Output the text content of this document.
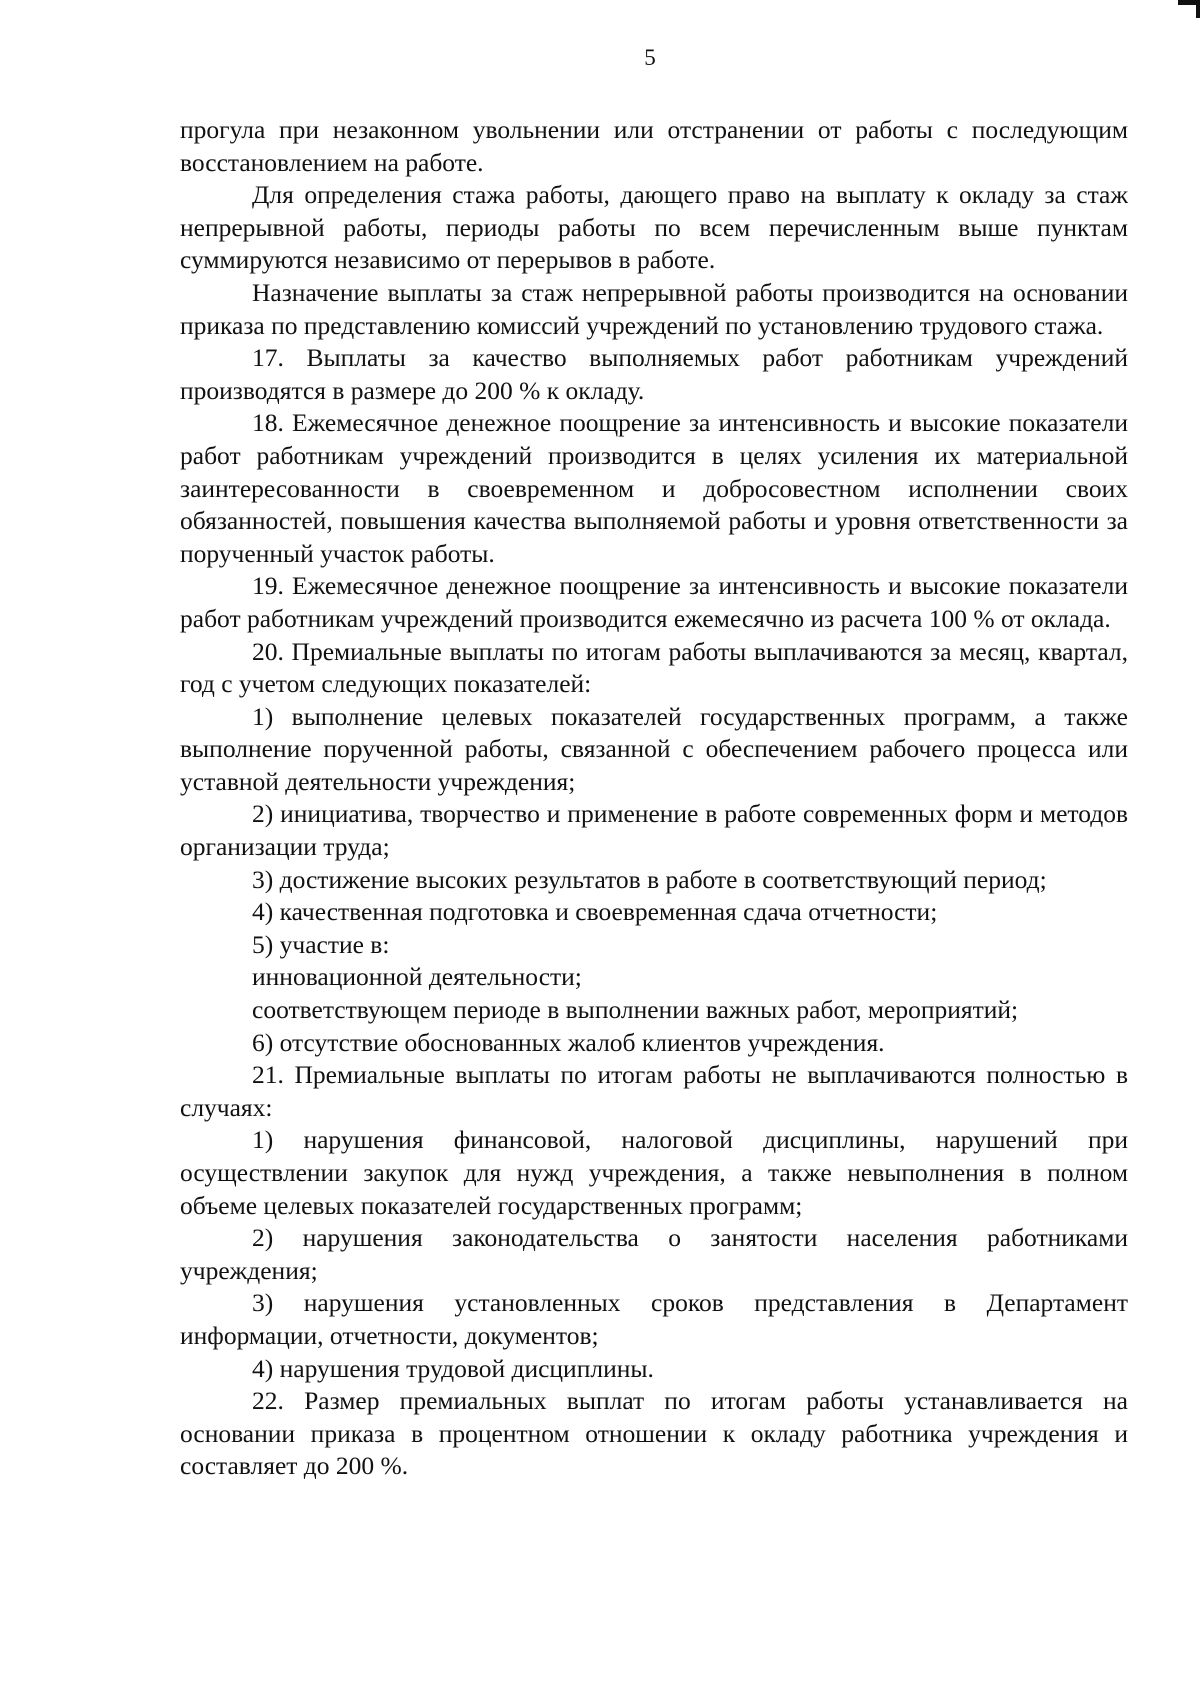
5

прогула при незаконном увольнении или отстранении от работы с последующим восстановлением на работе.

Для определения стажа работы, дающего право на выплату к окладу за стаж непрерывной работы, периоды работы по всем перечисленным выше пунктам суммируются независимо от перерывов в работе.

Назначение выплаты за стаж непрерывной работы производится на основании приказа по представлению комиссий учреждений по установлению трудового стажа.

17. Выплаты за качество выполняемых работ работникам учреждений производятся в размере до 200 % к окладу.

18. Ежемесячное денежное поощрение за интенсивность и высокие показатели работ работникам учреждений производится в целях усиления их материальной заинтересованности в своевременном и добросовестном исполнении своих обязанностей, повышения качества выполняемой работы и уровня ответственности за порученный участок работы.

19. Ежемесячное денежное поощрение за интенсивность и высокие показатели работ работникам учреждений производится ежемесячно из расчета 100 % от оклада.

20. Премиальные выплаты по итогам работы выплачиваются за месяц, квартал, год с учетом следующих показателей:

1) выполнение целевых показателей государственных программ, а также выполнение порученной работы, связанной с обеспечением рабочего процесса или уставной деятельности учреждения;

2) инициатива, творчество и применение в работе современных форм и методов организации труда;

3) достижение высоких результатов в работе в соответствующий период;

4) качественная подготовка и своевременная сдача отчетности;

5) участие в:

инновационной деятельности;

соответствующем периоде в выполнении важных работ, мероприятий;

6) отсутствие обоснованных жалоб клиентов учреждения.

21. Премиальные выплаты по итогам работы не выплачиваются полностью в случаях:

1) нарушения финансовой, налоговой дисциплины, нарушений при осуществлении закупок для нужд учреждения, а также невыполнения в полном объеме целевых показателей государственных программ;

2) нарушения законодательства о занятости населения работниками учреждения;

3) нарушения установленных сроков представления в Департамент информации, отчетности, документов;

4) нарушения трудовой дисциплины.

22. Размер премиальных выплат по итогам работы устанавливается на основании приказа в процентном отношении к окладу работника учреждения и составляет до 200 %.
